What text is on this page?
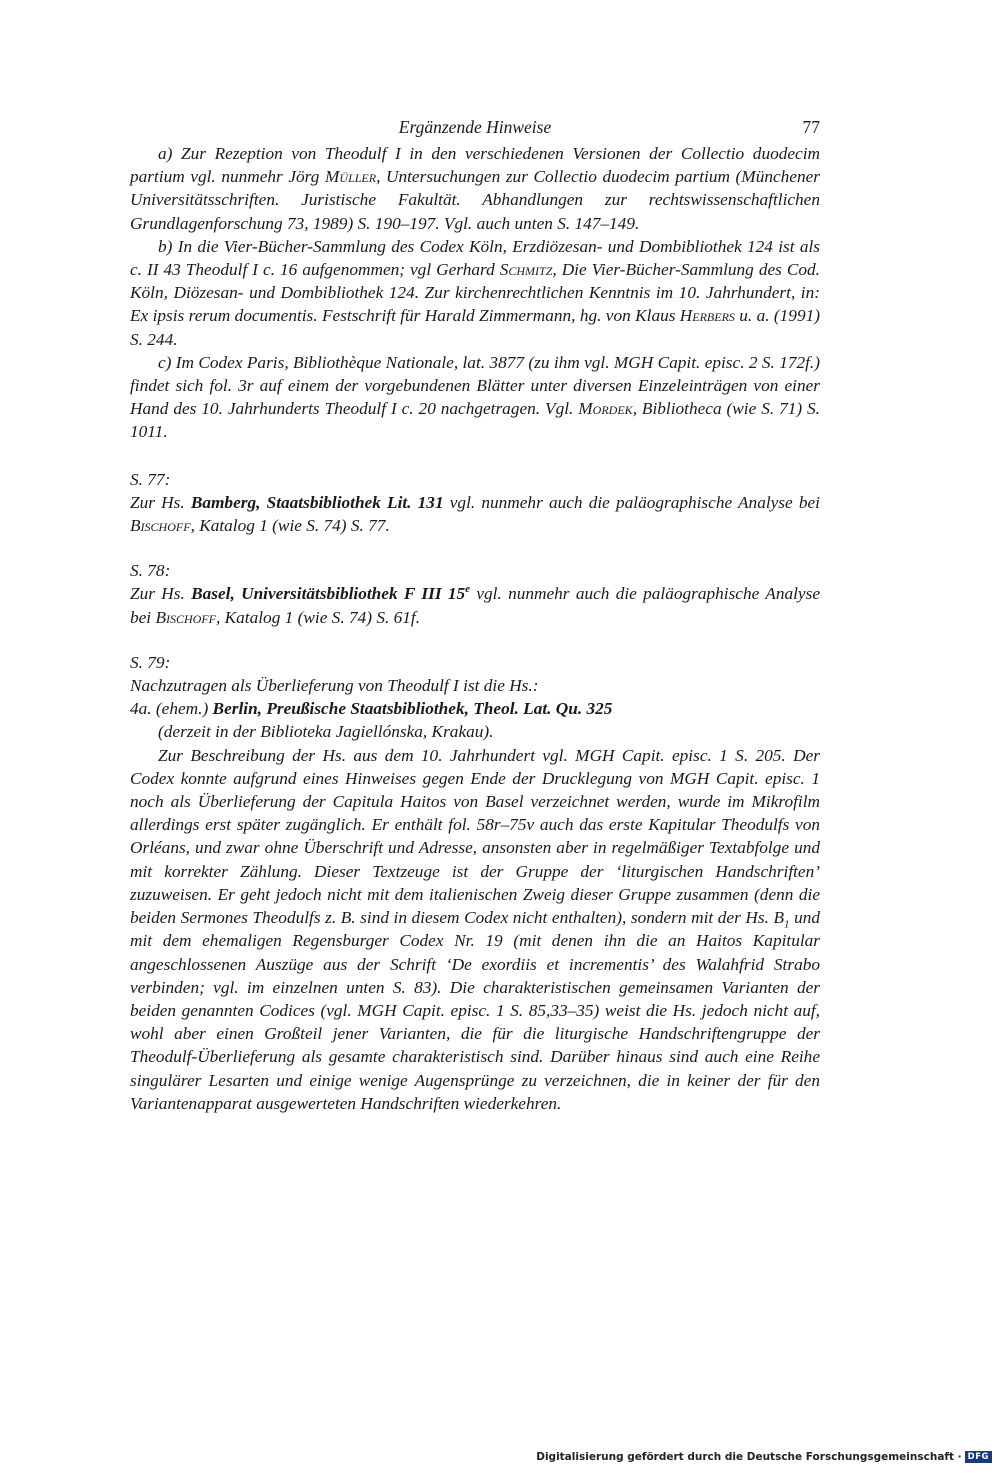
Ergänzende Hinweise	77

a) Zur Rezeption von Theodulf I in den verschiedenen Versionen der Collectio duodecim partium vgl. nunmehr Jörg Müller, Untersuchungen zur Collectio duodecim partium (Münchener Universitätsschriften. Juristische Fakultät. Abhandlungen zur rechtswissenschaftlichen Grundlagenforschung 73, 1989) S. 190–197. Vgl. auch unten S. 147–149.

b) In die Vier-Bücher-Sammlung des Codex Köln, Erzdiözesan- und Dombibliothek 124 ist als c. II 43 Theodulf I c. 16 aufgenommen; vgl Gerhard Schmitz, Die Vier-Bücher-Sammlung des Cod. Köln, Diözesan- und Dombibliothek 124. Zur kirchenrechtlichen Kenntnis im 10. Jahrhundert, in: Ex ipsis rerum documentis. Festschrift für Harald Zimmermann, hg. von Klaus Herbers u. a. (1991) S. 244.

c) Im Codex Paris, Bibliothèque Nationale, lat. 3877 (zu ihm vgl. MGH Capit. episc. 2 S. 172f.) findet sich fol. 3r auf einem der vorgebundenen Blätter unter diversen Einzeleinträgen von einer Hand des 10. Jahrhunderts Theodulf I c. 20 nachgetragen. Vgl. Mordek, Bibliotheca (wie S. 71) S. 1011.

S. 77:

Zur Hs. Bamberg, Staatsbibliothek Lit. 131 vgl. nunmehr auch die paläographische Analyse bei Bischoff, Katalog 1 (wie S. 74) S. 77.

S. 78:

Zur Hs. Basel, Universitätsbibliothek F III 15e vgl. nunmehr auch die paläographische Analyse bei Bischoff, Katalog 1 (wie S. 74) S. 61f.

S. 79:

Nachzutragen als Überlieferung von Theodulf I ist die Hs.:

4a. (ehem.) Berlin, Preußische Staatsbibliothek, Theol. Lat. Qu. 325

(derzeit in der Biblioteka Jagiellónska, Krakau).

Zur Beschreibung der Hs. aus dem 10. Jahrhundert vgl. MGH Capit. episc. 1 S. 205. Der Codex konnte aufgrund eines Hinweises gegen Ende der Drucklegung von MGH Capit. episc. 1 noch als Überlieferung der Capitula Haitos von Basel verzeichnet werden, wurde im Mikrofilm allerdings erst später zugänglich. Er enthält fol. 58r–75v auch das erste Kapitular Theodulfs von Orléans, und zwar ohne Überschrift und Adresse, ansonsten aber in regelmäßiger Textabfolge und mit korrekter Zählung. Dieser Textzeuge ist der Gruppe der ‘liturgischen Handschriften’ zuzuweisen. Er geht jedoch nicht mit dem italienischen Zweig dieser Gruppe zusammen (denn die beiden Sermones Theodulfs z. B. sind in diesem Codex nicht enthalten), sondern mit der Hs. $B_1$ und mit dem ehemaligen Regensburger Codex Nr. 19 (mit denen ihn die an Haitos Kapitular angeschlossenen Auszüge aus der Schrift ‘De exordiis et incrementis’ des Walahfrid Strabo verbinden; vgl. im einzelnen unten S. 83). Die charakteristischen gemeinsamen Varianten der beiden genannten Codices (vgl. MGH Capit. episc. 1 S. 85,33–35) weist die Hs. jedoch nicht auf, wohl aber einen Großteil jener Varianten, die für die liturgische Handschriftengruppe der Theodulf-Überlieferung als gesamte charakteristisch sind. Darüber hinaus sind auch eine Reihe singulärer Lesarten und einige wenige Augensprünge zu verzeichnen, die in keiner der für den Variantenapparat ausgewerteten Handschriften wiederkehren.

Digitalisierung gefördert durch die Deutsche Forschungsgemeinschaft · DFG
